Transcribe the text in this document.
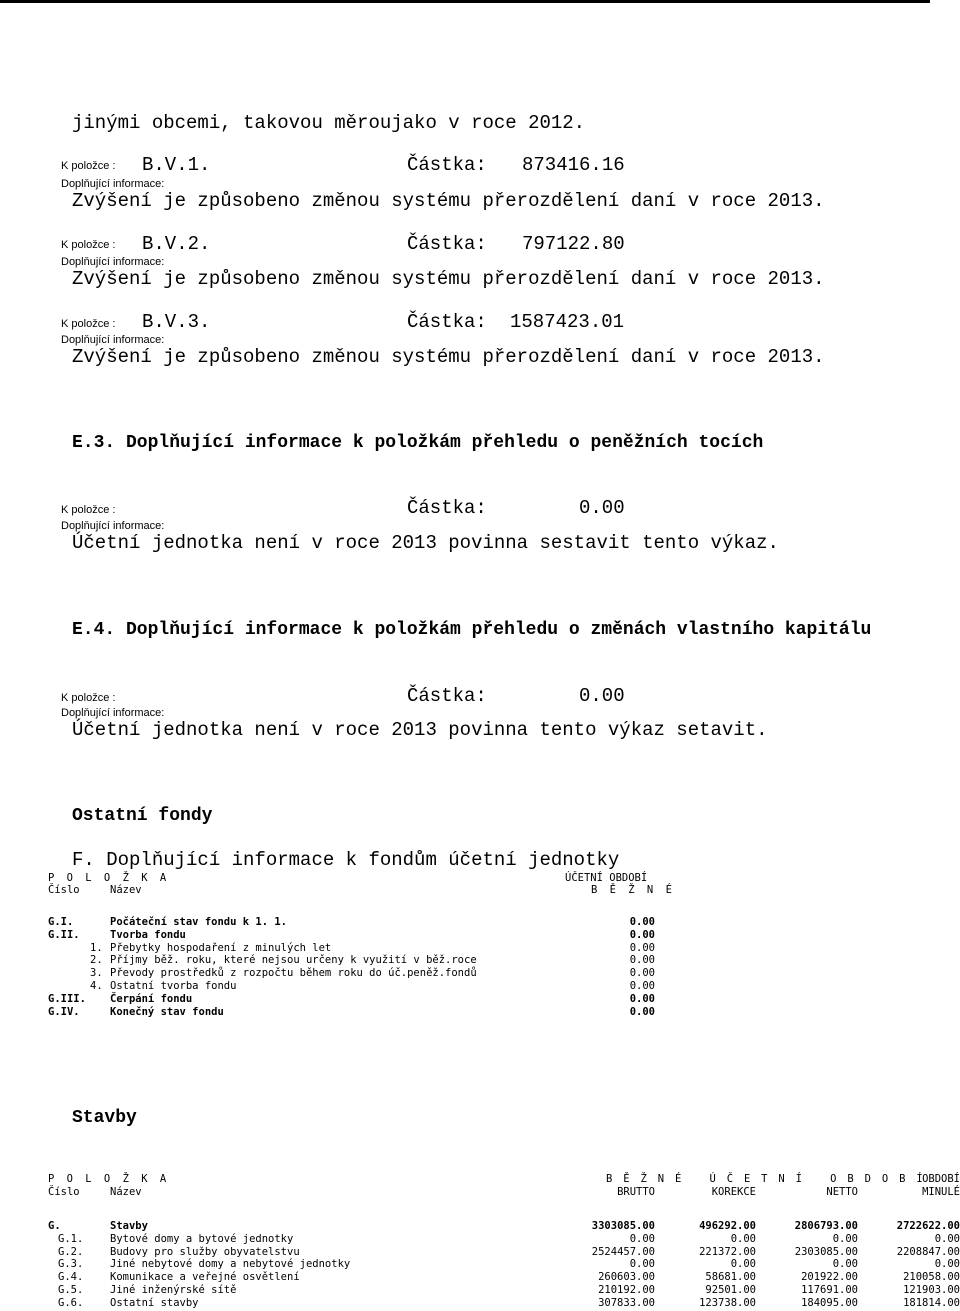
jinými obcemi, takovou měroujako v roce 2012.
K položce : B.V.1.	Částka: 873416.16
Doplňující informace:
Zvýšení je způsobeno změnou systému přerozdělení daní v roce 2013.
K položce : B.V.2.	Částka: 797122.80
Doplňující informace:
Zvýšení je způsobeno změnou systému přerozdělení daní v roce 2013.
K položce : B.V.3.	Částka: 1587423.01
Doplňující informace:
Zvýšení je způsobeno změnou systému přerozdělení daní v roce 2013.
E.3. Doplňující informace k položkám přehledu o peněžních tocích
K položce :	Částka:	0.00
Doplňující informace:
Účetní jednotka není v roce 2013 povinna sestavit tento výkaz.
E.4. Doplňující informace k položkám přehledu o změnách vlastního kapitálu
K položce :	Částka:	0.00
Doplňující informace:
Účetní jednotka není v roce 2013 povinna tento výkaz setavit.
Ostatní fondy
F. Doplňující informace k fondům účetní jednotky
P O L O Ž K A	ÚČETNÍ OBDOBÍ
Číslo	Název	B Ě Ž N É
G.I.	Počáteční stav fondu k 1. 1.	0.00
G.II.	Tvorba fondu	0.00
1. Přebytky hospodaření z minulých let	0.00
2. Příjmy běž. roku, které nejsou určeny k využití v běž.roce	0.00
3. Převody prostředků z rozpočtu během roku do úč.peněž.fondů	0.00
4. Ostatní tvorba fondu	0.00
G.III. Čerpání fondu	0.00
G.IV.	Konečný stav fondu	0.00
Stavby
P O L O Ž K A	B Ě Ž N É   Ú Č E T N Í   O B D O B Í
OBDOBÍ
Číslo	Název	BRUTTO	KOREKCE	NETTO	MINULÉ
G.	Stavby	3303085.00	496292.00	2806793.00	2722622.00
G.1.	Bytové domy a bytové jednotky	0.00	0.00	0.00	0.00
G.2.	Budovy pro služby obyvatelstvu	2524457.00	221372.00	2303085.00	2208847.00
G.3.	Jiné nebytové domy a nebytové jednotky	0.00	0.00	0.00	0.00
G.4.	Komunikace a veřejné osvětlení	260603.00	58681.00	201922.00	210058.00
G.5.	Jiné inženýrské sítě	210192.00	92501.00	117691.00	121903.00
G.6.	Ostatní stavby	307833.00	123738.00	184095.00	181814.00
